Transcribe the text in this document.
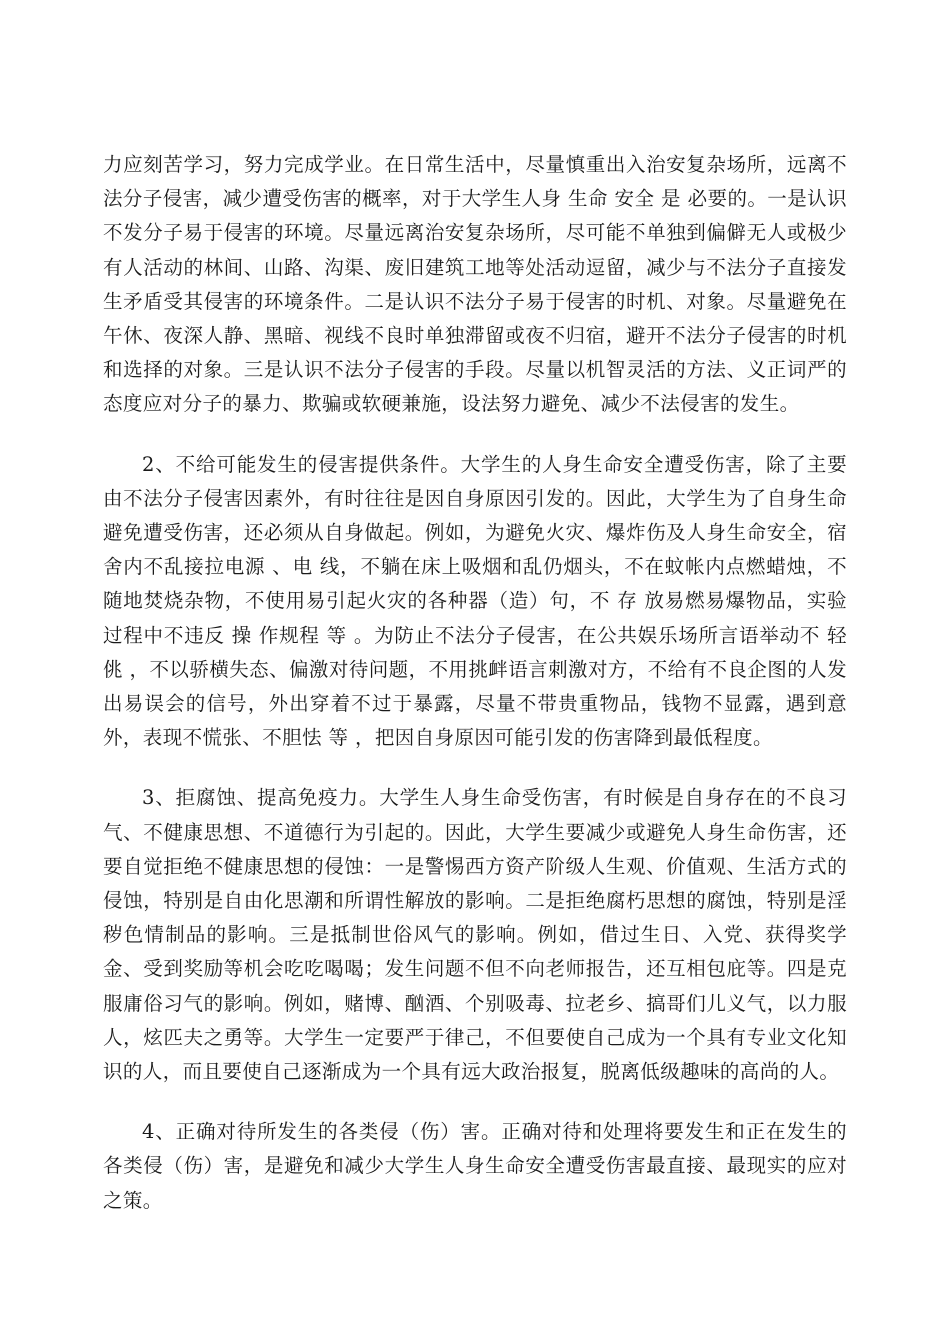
力应刻苦学习，努力完成学业。在日常生活中，尽量慎重出入治安复杂场所，远离不法分子侵害，减少遭受伤害的概率，对于大学生人身 生命 安全 是 必要的。一是认识不发分子易于侵害的环境。尽量远离治安复杂场所，尽可能不单独到偏僻无人或极少有人活动的林间、山路、沟渠、废旧建筑工地等处活动逗留，减少与不法分子直接发生矛盾受其侵害的环境条件。二是认识不法分子易于侵害的时机、对象。尽量避免在午休、夜深人静、黑暗、视线不良时单独滞留或夜不归宿，避开不法分子侵害的时机和选择的对象。三是认识不法分子侵害的手段。尽量以机智灵活的方法、义正词严的态度应对分子的暴力、欺骗或软硬兼施，设法努力避免、减少不法侵害的发生。

2、不给可能发生的侵害提供条件。大学生的人身生命安全遭受伤害，除了主要由不法分子侵害因素外，有时往往是因自身原因引发的。因此，大学生为了自身生命避免遭受伤害，还必须从自身做起。例如，为避免火灾、爆炸伤及人身生命安全，宿舍内不乱接拉电源 、电 线，不躺在床上吸烟和乱仍烟头，不在蚊帐内点燃蜡烛，不随地焚烧杂物，不使用易引起火灾的各种器（造）句，不 存 放易燃易爆物品，实验过程中不违反 操 作规程 等 。为防止不法分子侵害，在公共娱乐场所言语举动不 轻佻 ，不以骄横失态、偏激对待问题，不用挑衅语言刺激对方，不给有不良企图的人发出易误会的信号，外出穿着不过于暴露，尽量不带贵重物品，钱物不显露，遇到意外，表现不慌张、不胆怯 等 ，把因自身原因可能引发的伤害降到最低程度。

3、拒腐蚀、提高免疫力。大学生人身生命受伤害，有时候是自身存在的不良习气、不健康思想、不道德行为引起的。因此，大学生要减少或避免人身生命伤害，还要自觉拒绝不健康思想的侵蚀：一是警惕西方资产阶级人生观、价值观、生活方式的侵蚀，特别是自由化思潮和所谓性解放的影响。二是拒绝腐朽思想的腐蚀，特别是淫秽色情制品的影响。三是抵制世俗风气的影响。例如，借过生日、入党、获得奖学金、受到奖励等机会吃吃喝喝；发生问题不但不向老师报告，还互相包庇等。四是克服庸俗习气的影响。例如，赌博、酗酒、个别吸毒、拉老乡、搞哥们儿义气，以力服人，炫匹夫之勇等。大学生一定要严于律己，不但要使自己成为一个具有专业文化知识的人，而且要使自己逐渐成为一个具有远大政治报复，脱离低级趣味的高尚的人。

4、正确对待所发生的各类侵（伤）害。正确对待和处理将要发生和正在发生的各类侵（伤）害，是避免和减少大学生人身生命安全遭受伤害最直接、最现实的应对之策。
